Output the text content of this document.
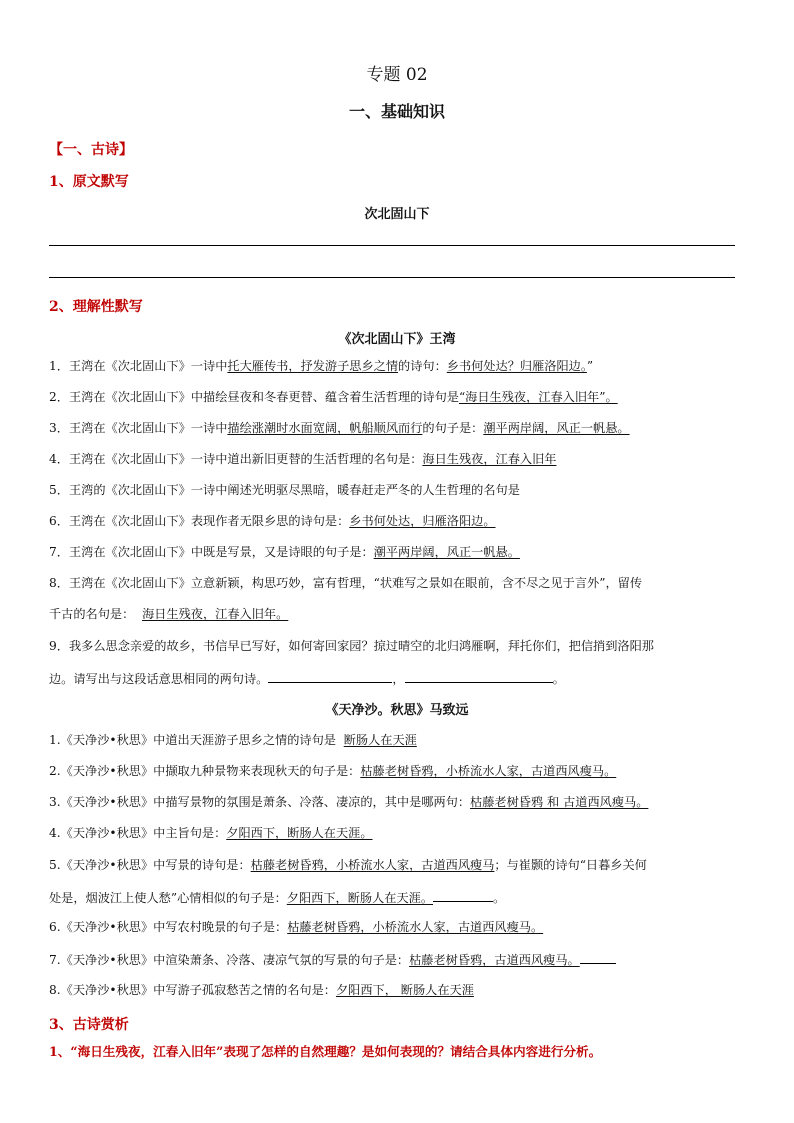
专题 02
一、基础知识
【一、古诗】
1、原文默写
次北固山下
2、理解性默写
《次北固山下》王湾
1．王湾在《次北固山下》一诗中托大雁传书，抒发游子思乡之情的诗句：乡书何处达？归雁洛阳边。”
2．王湾在《次北固山下》中描绘昼夜和冬春更替、蕴含着生活哲理的诗句是“海日生残夜，江春入旧年”。
3．王湾在《次北固山下》一诗中描绘涨潮时水面宽阔，帆船顺风而行的句子是：潮平两岸阔，风正一帆悬。
4．王湾在《次北固山下》一诗中道出新旧更替的生活哲理的名句是：海日生残夜，江春入旧年
5．王湾的《次北固山下》一诗中阐述光明驱尽黑暗，暖春赶走严冬的人生哲理的名句是
6．王湾在《次北固山下》表现作者无限乡思的诗句是：乡书何处达，归雁洛阳边。
7．王湾在《次北固山下》中既是写景，又是诗眼的句子是：潮平两岸阔，风正一帆悬。
8．王湾在《次北固山下》立意新颖，构思巧妙，富有哲理，“状难写之景如在眼前，含不尽之见于言外”，留传
千古的名句是： 海日生残夜，江春入旧年。
9．我多么思念亲爱的故乡，书信早已写好，如何寄回家园？掠过晴空的北归鸿雁啊，拜托你们，把信捎到洛阳那
边。请写出与这段话意思相同的两句诗。	，	。
《天净沙。秋思》马致远
1.《天净沙•秋思》中道出天涯游子思乡之情的诗句是 断肠人在天涯
2.《天净沙•秋思》中撷取九种景物来表现秋天的句子是：枯藤老树昏鸦，小桥流水人家，古道西风瘦马。
3.《天净沙•秋思》中描写景物的氛围是萧条、冷落、凄凉的，其中是哪两句：枯藤老树昏鸦 和 古道西风瘦马。
4.《天净沙•秋思》中主旨句是：夕阳西下，断肠人在天涯。
5.《天净沙•秋思》中写景的诗句是：枯藤老树昏鸦，小桥流水人家，古道西风瘦马；与崔颢的诗句“日暮乡关何
处是，烟波江上使人愁”心情相似的句子是：夕阳西下，断肠人在天涯。	。
6.《天净沙•秋思》中写农村晚景的句子是：枯藤老树昏鸦，小桥流水人家，古道西风瘦马。
7.《天净沙•秋思》中渲染萧条、冷落、凄凉气氛的写景的句子是：枯藤老树昏鸦，古道西风瘦马。
8.《天净沙•秋思》中写游子孤寂愁苦之情的名句是：夕阳西下， 断肠人在天涯
3、古诗赏析
1、“海日生残夜，江春入旧年”表现了怎样的自然理趣？是如何表现的？请结合具体内容进行分析。
